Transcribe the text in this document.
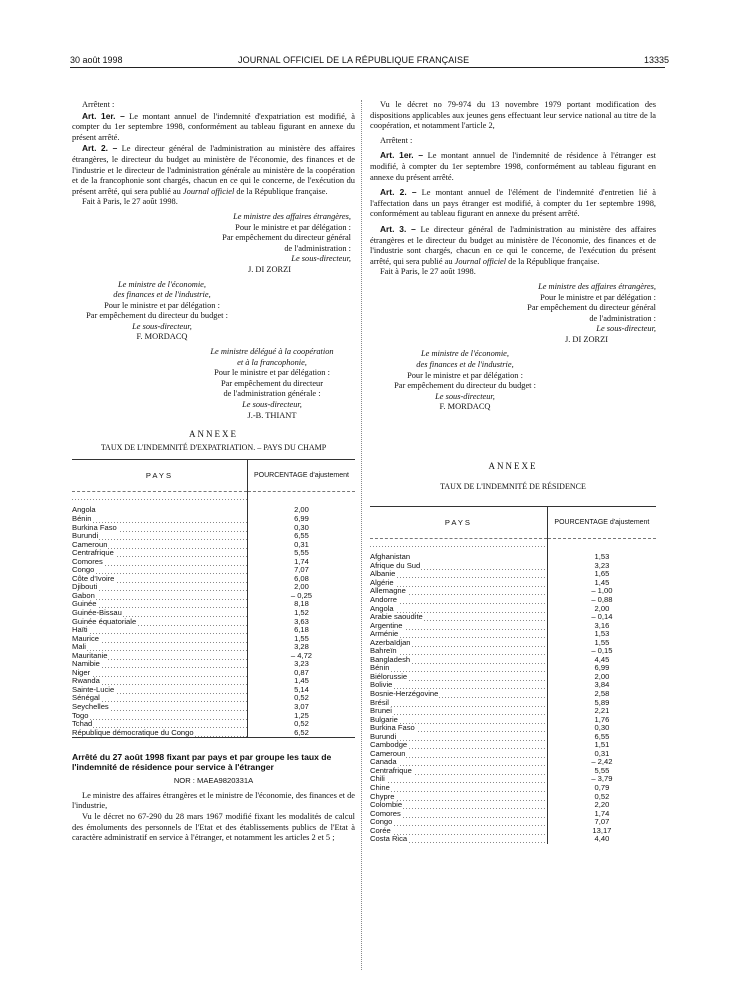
30 août 1998	JOURNAL OFFICIEL DE LA RÉPUBLIQUE FRANÇAISE	13335

Arrêtent :

Art. 1er. – Le montant annuel de l'indemnité d'expatriation est modifié, à compter du 1er septembre 1998, conformément au tableau figurant en annexe du présent arrêté.

Art. 2. – Le directeur général de l'administration au ministère des affaires étrangères, le directeur du budget au ministère de l'économie, des finances et de l'industrie et le directeur de l'administration générale au ministère de la coopération et de la francophonie sont chargés, chacun en ce qui le concerne, de l'exécution du présent arrêté, qui sera publié au Journal officiel de la République française.

Fait à Paris, le 27 août 1998.

Le ministre des affaires étrangères,
Pour le ministre et par délégation :
Par empêchement du directeur général
de l'administration :
Le sous-directeur,
J. DI ZORZI
Le ministre de l'économie,
des finances et de l'industrie,
Pour le ministre et par délégation :
Par empêchement du directeur du budget :
Le sous-directeur,
F. MORDACQ
Le ministre délégué à la coopération
et à la francophonie,
Pour le ministre et par délégation :
Par empêchement du directeur
de l'administration générale :
Le sous-directeur,
J.-B. THIANT
ANNEXE
TAUX DE L'INDEMNITÉ D'EXPATRIATION. – PAYS DU CHAMP
PAYS	POURCENTAGE d'ajustement
Angola	2,00
Bénin	6,99
Burkina Faso	0,30
Burundi	6,55
Cameroun	0,31
Centrafrique	5,55
Comores	1,74
Congo	7,07
Côte d'Ivoire	6,08
Djibouti	2,00
Gabon	– 0,25
Guinée	8,18
Guinée-Bissau	1,52
Guinée équatoriale	3,63
Haïti	6,18
Maurice	1,55
Mali	3,28
Mauritanie	– 4,72
Namibie	3,23
Niger	0,87
Rwanda	1,45
Sainte-Lucie	5,14
Sénégal	0,52
Seychelles	3,07
Togo	1,25
Tchad	0,52
République démocratique du Congo	6,52
Arrêté du 27 août 1998 fixant par pays et par groupe les taux de l'indemnité de résidence pour service à l'étranger
NOR : MAEA9820331A

Le ministre des affaires étrangères et le ministre de l'économie, des finances et de l'industrie,

Vu le décret no 67-290 du 28 mars 1967 modifié fixant les modalités de calcul des émoluments des personnels de l'Etat et des établissements publics de l'Etat à caractère administratif en service à l'étranger, et notamment les articles 2 et 5 ;

Vu le décret no 79-974 du 13 novembre 1979 portant modification des dispositions applicables aux jeunes gens effectuant leur service national au titre de la coopération, et notamment l'article 2,

Arrêtent :

Art. 1er. – Le montant annuel de l'indemnité de résidence à l'étranger est modifié, à compter du 1er septembre 1998, conformément au tableau figurant en annexe du présent arrêté.

Art. 2. – Le montant annuel de l'élément de l'indemnité d'entretien lié à l'affectation dans un pays étranger est modifié, à compter du 1er septembre 1998, conformément au tableau figurant en annexe du présent arrêté.

Art. 3. – Le directeur général de l'administration au ministère des affaires étrangères et le directeur du budget au ministère de l'économie, des finances et de l'industrie sont chargés, chacun en ce qui le concerne, de l'exécution du présent arrêté, qui sera publié au Journal officiel de la République française.

Fait à Paris, le 27 août 1998.

Le ministre des affaires étrangères,
Pour le ministre et par délégation :
Par empêchement du directeur général
de l'administration :
Le sous-directeur,
J. DI ZORZI
Le ministre de l'économie,
des finances et de l'industrie,
Pour le ministre et par délégation :
Par empêchement du directeur du budget :
Le sous-directeur,
F. MORDACQ
ANNEXE
TAUX DE L'INDEMNITÉ DE RÉSIDENCE
PAYS	POURCENTAGE d'ajustement
Afghanistan	1,53
Afrique du Sud	3,23
Albanie	1,65
Algérie	1,45
Allemagne	– 1,00
Andorre	– 0,88
Angola	2,00
Arabie saoudite	– 0,14
Argentine	3,16
Arménie	1,53
Azerbaïdjan	1,55
Bahreïn	– 0,15
Bangladesh	4,45
Bénin	6,99
Biélorussie	2,00
Bolivie	3,84
Bosnie-Herzégovine	2,58
Brésil	5,89
Brunei	2,21
Bulgarie	1,76
Burkina Faso	0,30
Burundi	6,55
Cambodge	1,51
Cameroun	0,31
Canada	– 2,42
Centrafrique	5,55
Chili	– 3,79
Chine	0,79
Chypre	0,52
Colombie	2,20
Comores	1,74
Congo	7,07
Corée	13,17
Costa Rica	4,40
